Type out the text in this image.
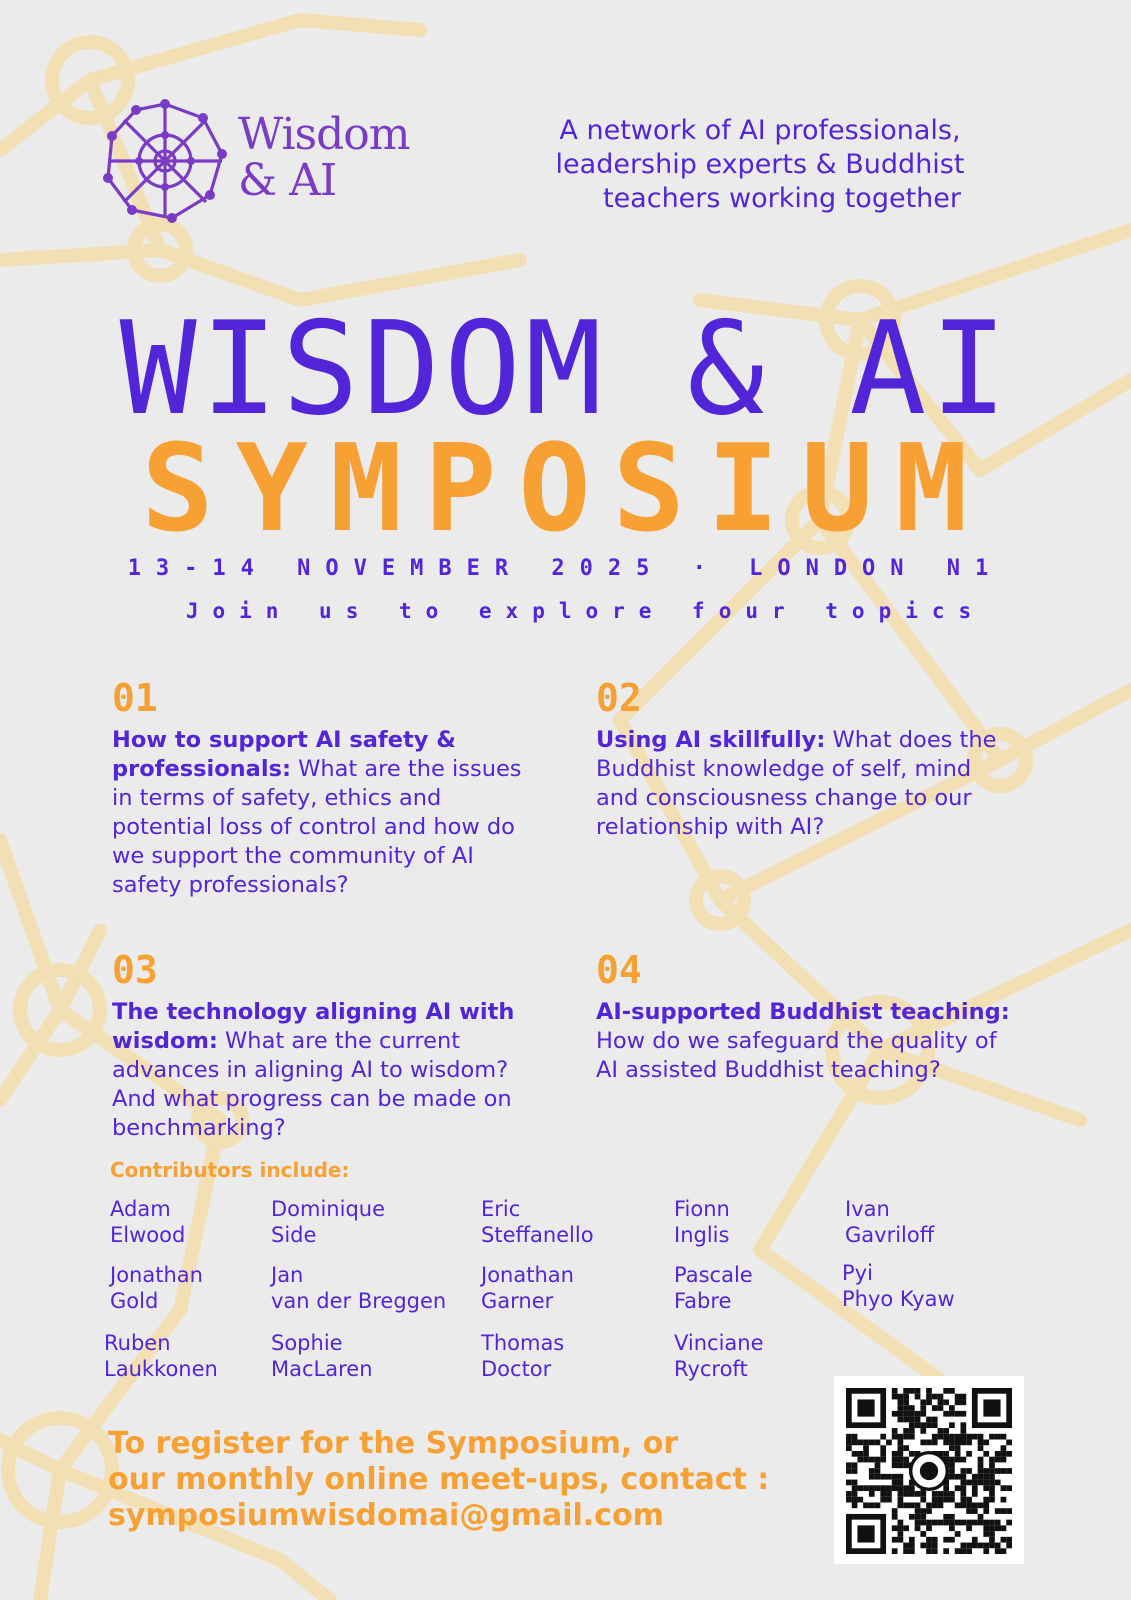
Wisdom
& AI
A network of AI professionals,
leadership experts & Buddhist
teachers working together
WISDOM & AI
SYMPOSIUM
13-14 NOVEMBER 2025 · LONDON N1
Join us to explore four topics
01
How to support AI safety & professionals: What are the issues in terms of safety, ethics and potential loss of control and how do we support the community of AI safety professionals?
02
Using AI skillfully: What does the Buddhist knowledge of self, mind and consciousness change to our relationship with AI?
03
The technology aligning AI with wisdom: What are the current advances in aligning AI to wisdom? And what progress can be made on benchmarking?
04
AI-supported Buddhist teaching: How do we safeguard the quality of AI assisted Buddhist teaching?
Contributors include:
Adam
Elwood
Dominique
Side
Eric
Steffanello
Fionn
Inglis
Ivan
Gavriloff
Jonathan
Gold
Jan
van der Breggen
Jonathan
Garner
Pascale
Fabre
Pyi
Phyo Kyaw
Ruben
Laukkonen
Sophie
MacLaren
Thomas
Doctor
Vinciane
Rycroft
To register for the Symposium, or
our monthly online meet-ups, contact :
symposiumwisdomai@gmail.com
